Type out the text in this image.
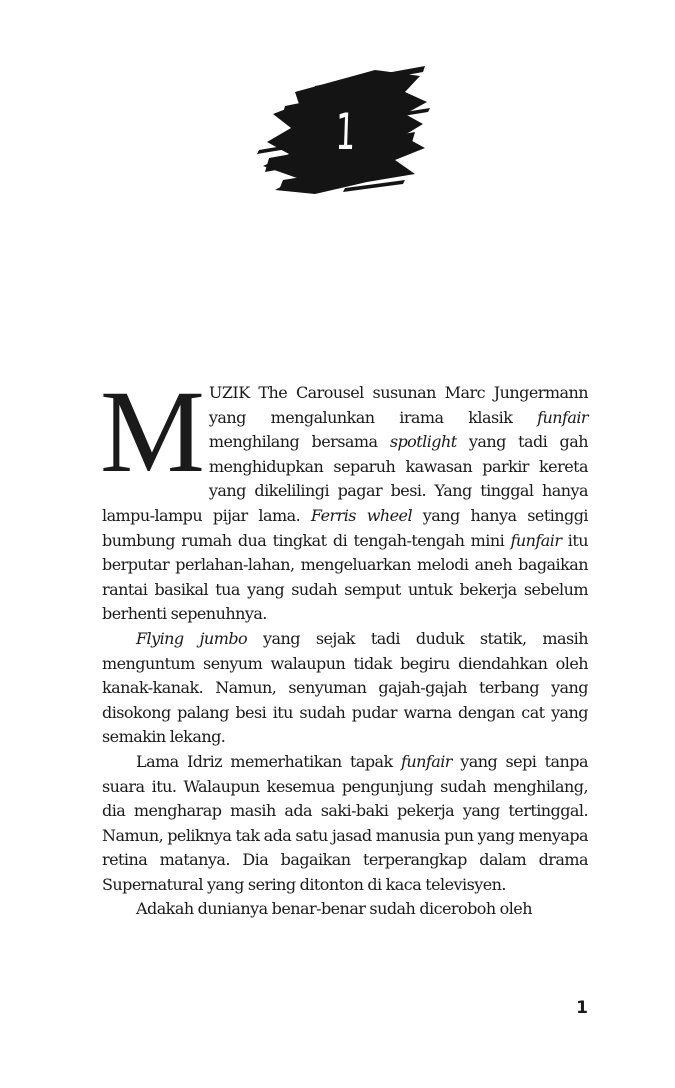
1

MUZIK The Carousel susunan Marc Jungermann yang mengalunkan irama klasik funfair menghilang bersama spotlight yang tadi gah menghidupkan separuh kawasan parkir kereta yang dikelilingi pagar besi. Yang tinggal hanya lampu-lampu pijar lama. Ferris wheel yang hanya setinggi bumbung rumah dua tingkat di tengah-tengah mini funfair itu berputar perlahan-lahan, mengeluarkan melodi aneh bagaikan rantai basikal tua yang sudah semput untuk bekerja sebelum berhenti sepenuhnya.

Flying jumbo yang sejak tadi duduk statik, masih menguntum senyum walaupun tidak begiru diendahkan oleh kanak-kanak. Namun, senyuman gajah-gajah terbang yang disokong palang besi itu sudah pudar warna dengan cat yang semakin lekang.

Lama Idriz memerhatikan tapak funfair yang sepi tanpa suara itu. Walaupun kesemua pengunjung sudah menghilang, dia mengharap masih ada saki-baki pekerja yang tertinggal. Namun, peliknya tak ada satu jasad manusia pun yang menyapa retina matanya. Dia bagaikan terperangkap dalam drama Supernatural yang sering ditonton di kaca televisyen.

Adakah dunianya benar-benar sudah diceroboh oleh

1
